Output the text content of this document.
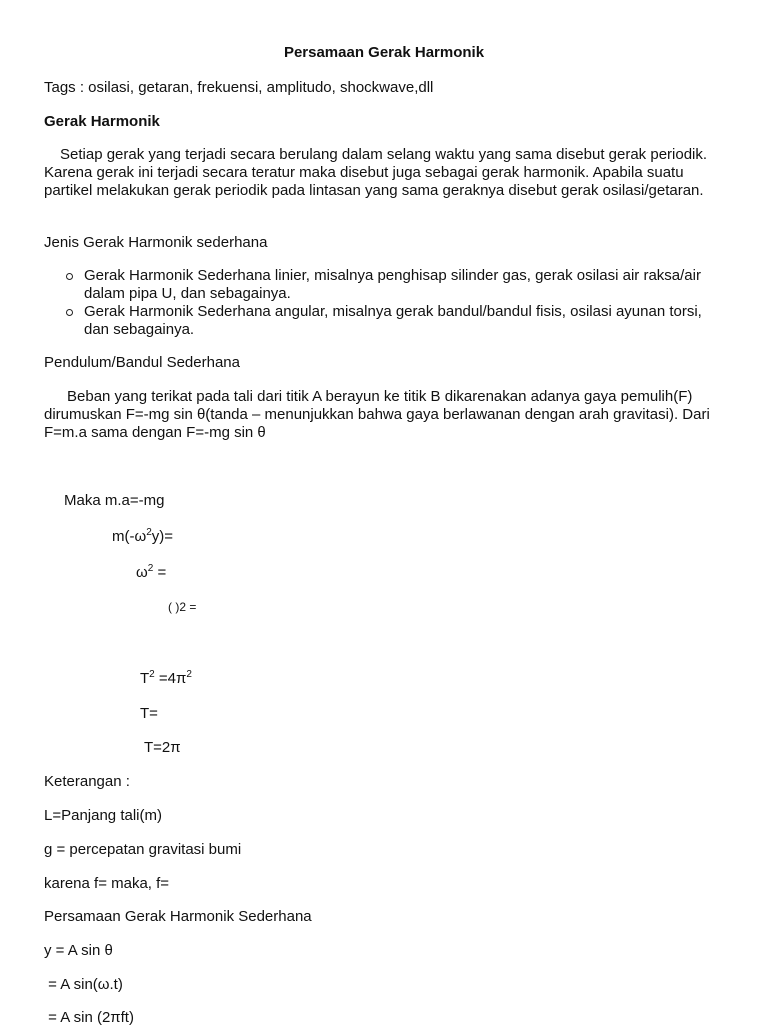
Persamaan Gerak Harmonik
Tags : osilasi, getaran, frekuensi, amplitudo, shockwave,dll
Gerak Harmonik
Setiap gerak yang terjadi secara berulang dalam selang waktu yang sama disebut gerak periodik. Karena gerak ini terjadi secara teratur maka disebut juga sebagai gerak harmonik. Apabila suatu partikel melakukan gerak periodik pada lintasan yang sama geraknya disebut gerak osilasi/getaran.
Jenis Gerak Harmonik sederhana
Gerak Harmonik Sederhana linier, misalnya penghisap silinder gas, gerak osilasi air raksa/air dalam pipa U, dan sebagainya.
Gerak Harmonik Sederhana angular, misalnya gerak bandul/bandul fisis, osilasi ayunan torsi, dan sebagainya.
Pendulum/Bandul Sederhana
Beban yang terikat pada tali dari titik A berayun ke titik B dikarenakan adanya gaya pemulih(F) dirumuskan F=-mg sin θ(tanda – menunjukkan bahwa gaya berlawanan dengan arah gravitasi). Dari F=m.a sama dengan F=-mg sin θ
Maka m.a=-mg
$m(-\omega^2y)=$
$\omega^2$ =
( )2 =
$T^2 =4\pi^2$
T=
T=2π
Keterangan :
L=Panjang tali(m)
g = percepatan gravitasi bumi
karena f= maka, f=
Persamaan Gerak Harmonik Sederhana
y = A sin θ
= A sin(ω.t)
= A sin (2πft)
